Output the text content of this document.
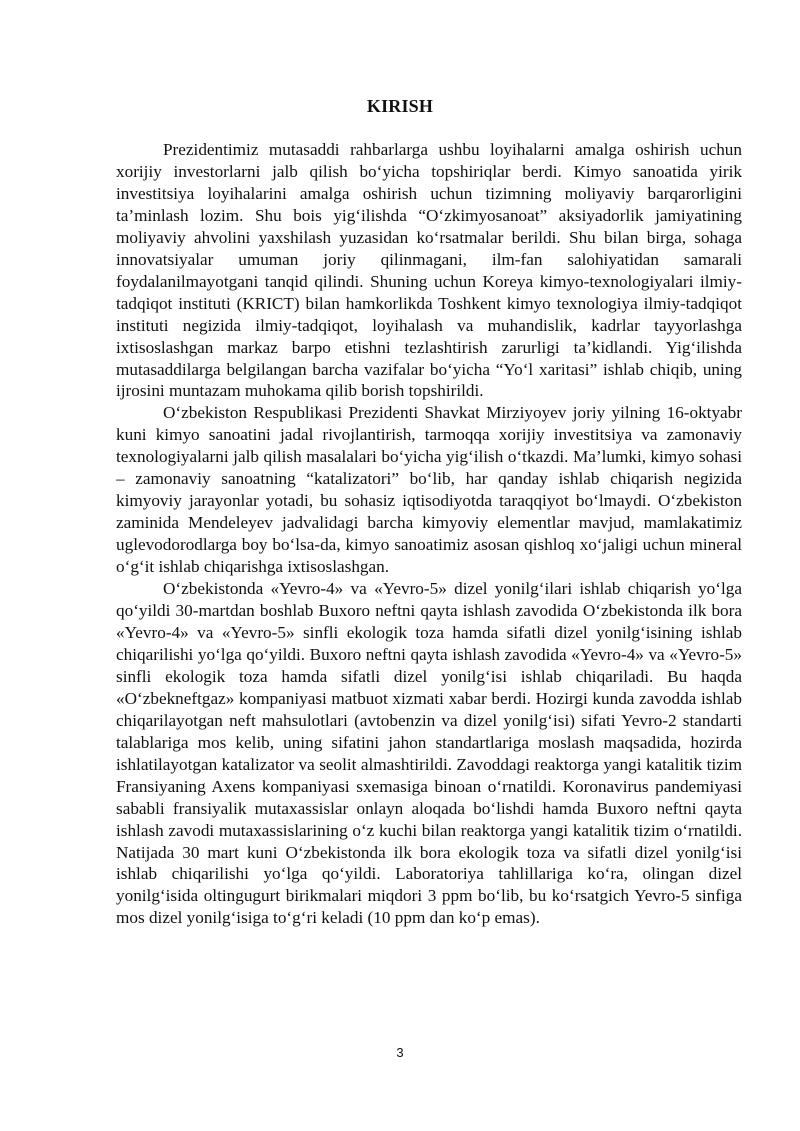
KIRISH

Prezidentimiz mutasaddi rahbarlarga ushbu loyihalarni amalga oshirish uchun xorijiy investorlarni jalb qilish bo‘yicha topshiriqlar berdi. Kimyo sanoatida yirik investitsiya loyihalarini amalga oshirish uchun tizimning moliyaviy barqarorligini ta’minlash lozim. Shu bois yig‘ilishda “O‘zkimyosanoat” aksiyadorlik jamiyatining moliyaviy ahvolini yaxshilash yuzasidan ko‘rsatmalar berildi. Shu bilan birga, sohaga innovatsiyalar umuman joriy qilinmagani, ilm-fan salohiyatidan samarali foydalanilmayotgani tanqid qilindi. Shuning uchun Koreya kimyo-texnologiyalari ilmiy-tadqiqot instituti (KRICT) bilan hamkorlikda Toshkent kimyo texnologiya ilmiy-tadqiqot instituti negizida ilmiy-tadqiqot, loyihalash va muhandislik, kadrlar tayyorlashga ixtisoslashgan markaz barpo etishni tezlashtirish zarurligi ta’kidlandi. Yig‘ilishda mutasaddilarga belgilangan barcha vazifalar bo‘yicha “Yo‘l xaritasi” ishlab chiqib, uning ijrosini muntazam muhokama qilib borish topshirildi.

O‘zbekiston Respublikasi Prezidenti Shavkat Mirziyoyev joriy yilning 16-oktyabr kuni kimyo sanoatini jadal rivojlantirish, tarmoqqa xorijiy investitsiya va zamonaviy texnologiyalarni jalb qilish masalalari bo‘yicha yig‘ilish o‘tkazdi. Ma’lumki, kimyo sohasi – zamonaviy sanoatning “katalizatori” bo‘lib, har qanday ishlab chiqarish negizida kimyoviy jarayonlar yotadi, bu sohasiz iqtisodiyotda taraqqiyot bo‘lmaydi. O‘zbekiston zaminida Mendeleyev jadvalidagi barcha kimyoviy elementlar mavjud, mamlakatimiz uglevodorodlarga boy bo‘lsa-da, kimyo sanoatimiz asosan qishloq xo‘jaligi uchun mineral o‘g‘it ishlab chiqarishga ixtisoslashgan.

O‘zbekistonda «Yevro-4» va «Yevro-5» dizel yonilg‘ilari ishlab chiqarish yo‘lga qo‘yildi 30-martdan boshlab Buxoro neftni qayta ishlash zavodida O‘zbekistonda ilk bora «Yevro-4» va «Yevro-5» sinfli ekologik toza hamda sifatli dizel yonilg‘isining ishlab chiqarilishi yo‘lga qo‘yildi. Buxoro neftni qayta ishlash zavodida «Yevro-4» va «Yevro-5» sinfli ekologik toza hamda sifatli dizel yonilg‘isi ishlab chiqariladi. Bu haqda «O‘zbekneftgaz» kompaniyasi matbuot xizmati xabar berdi. Hozirgi kunda zavodda ishlab chiqarilayotgan neft mahsulotlari (avtobenzin va dizel yonilg‘isi) sifati Yevro-2 standarti talablariga mos kelib, uning sifatini jahon standartlariga moslash maqsadida, hozirda ishlatilayotgan katalizator va seolit almashtirildi. Zavoddagi reaktorga yangi katalitik tizim Fransiyaning Axens kompaniyasi sxemasiga binoan o‘rnatildi. Koronavirus pandemiyasi sababli fransiyalik mutaxassislar onlayn aloqada bo‘lishdi hamda Buxoro neftni qayta ishlash zavodi mutaxassislarining o‘z kuchi bilan reaktorga yangi katalitik tizim o‘rnatildi. Natijada 30 mart kuni O‘zbekistonda ilk bora ekologik toza va sifatli dizel yonilg‘isi ishlab chiqarilishi yo‘lga qo‘yildi. Laboratoriya tahlillariga ko‘ra, olingan dizel yonilg‘isida oltingugurt birikmalari miqdori 3 ppm bo‘lib, bu ko‘rsatgich Yevro-5 sinfiga mos dizel yonilg‘isiga to‘g‘ri keladi (10 ppm dan ko‘p emas).

3
